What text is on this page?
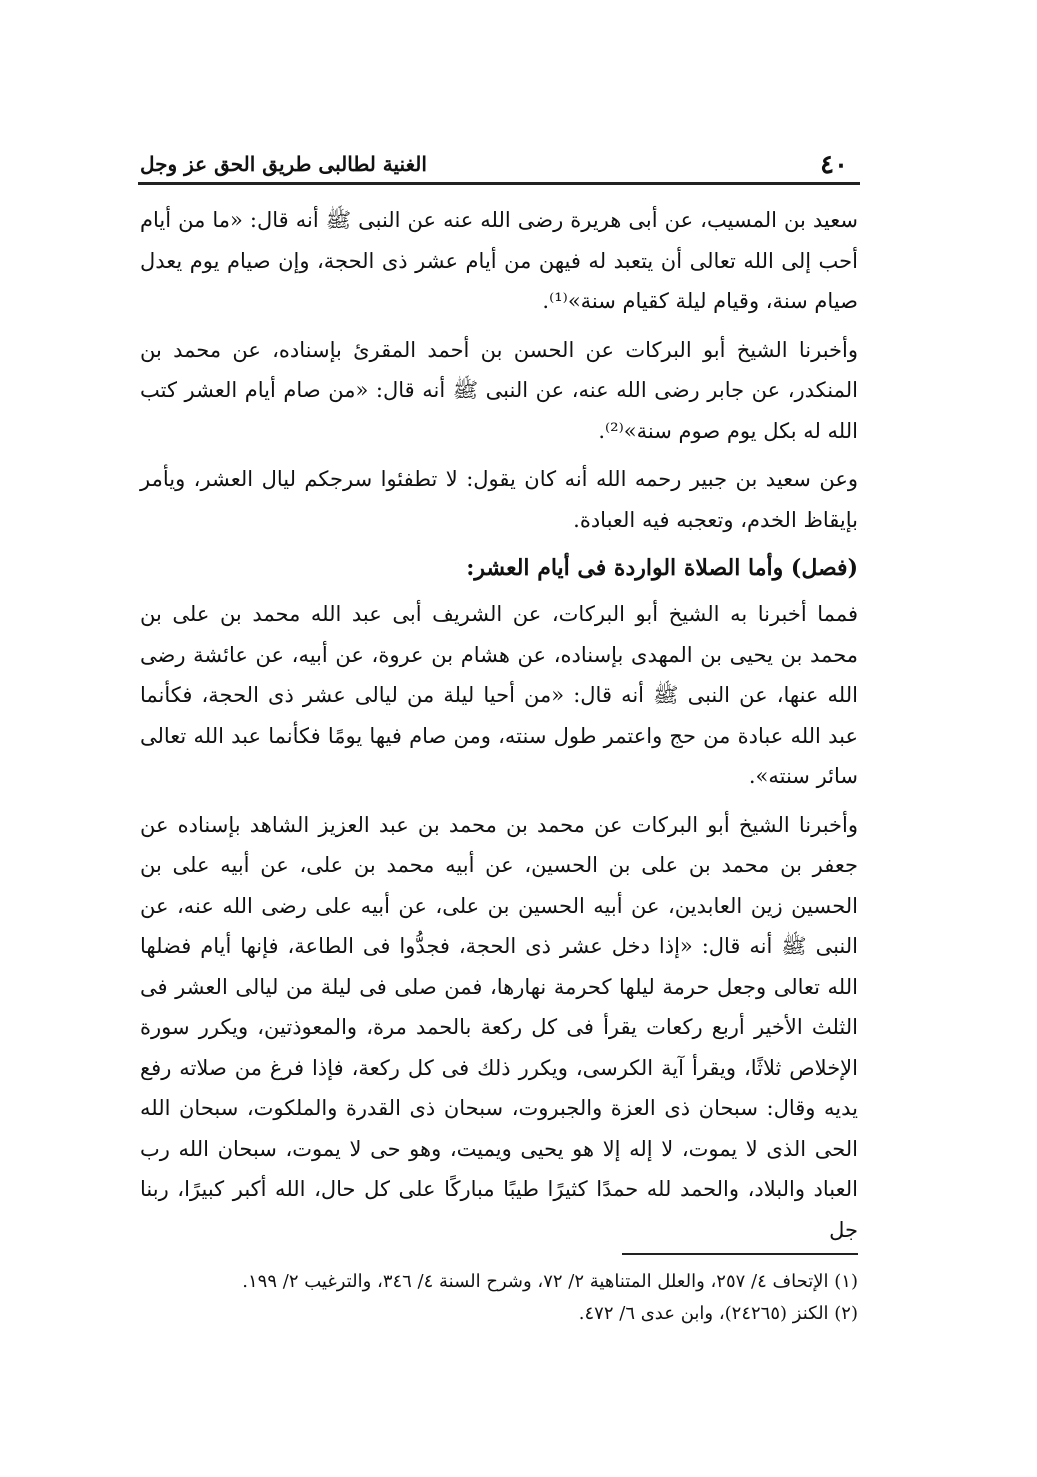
٤٠
الغنية لطالبى طريق الحق عز وجل

سعيد بن المسيب، عن أبى هريرة رضى الله عنه عن النبى ﷺ أنه قال: «ما من أيام أحب إلى الله تعالى أن يتعبد له فيهن من أيام عشر ذى الحجة، وإن صيام يوم يعدل صيام سنة، وقيام ليلة كقيام سنة»⁽¹⁾.

وأخبرنا الشيخ أبو البركات عن الحسن بن أحمد المقرئ بإسناده، عن محمد بن المنكدر، عن جابر رضى الله عنه، عن النبى ﷺ أنه قال: «من صام أيام العشر كتب الله له بكل يوم صوم سنة»⁽²⁾.

وعن سعيد بن جبير رحمه الله أنه كان يقول: لا تطفئوا سرجكم ليال العشر، ويأمر بإيقاظ الخدم، وتعجبه فيه العبادة.

(فصل) وأما الصلاة الواردة فى أيام العشر:

فمما أخبرنا به الشيخ أبو البركات، عن الشريف أبى عبد الله محمد بن على بن محمد بن يحيى بن المهدى بإسناده، عن هشام بن عروة، عن أبيه، عن عائشة رضى الله عنها، عن النبى ﷺ أنه قال: «من أحيا ليلة من ليالى عشر ذى الحجة، فكأنما عبد الله عبادة من حج واعتمر طول سنته، ومن صام فيها يومًا فكأنما عبد الله تعالى سائر سنته».

وأخبرنا الشيخ أبو البركات عن محمد بن محمد بن عبد العزيز الشاهد بإسناده عن جعفر بن محمد بن على بن الحسين، عن أبيه محمد بن على، عن أبيه على بن الحسين زين العابدين، عن أبيه الحسين بن على، عن أبيه على رضى الله عنه، عن النبى ﷺ أنه قال: «إذا دخل عشر ذى الحجة، فجدُّوا فى الطاعة، فإنها أيام فضلها الله تعالى وجعل حرمة ليلها كحرمة نهارها، فمن صلى فى ليلة من ليالى العشر فى الثلث الأخير أربع ركعات يقرأ فى كل ركعة بالحمد مرة، والمعوذتين، ويكرر سورة الإخلاص ثلاثًا، ويقرأ آية الكرسى، ويكرر ذلك فى كل ركعة، فإذا فرغ من صلاته رفع يديه وقال: سبحان ذى العزة والجبروت، سبحان ذى القدرة والملكوت، سبحان الله الحى الذى لا يموت، لا إله إلا هو يحيى ويميت، وهو حى لا يموت، سبحان الله رب العباد والبلاد، والحمد لله حمدًا كثيرًا طيبًا مباركًا على كل حال، الله أكبر كبيرًا، ربنا جل

(١) الإتحاف ٤/ ٢٥٧، والعلل المتناهية ٢/ ٧٢، وشرح السنة ٤/ ٣٤٦، والترغيب ٢/ ١٩٩.
(٢) الكنز (٢٤٢٦٥)، وابن عدى ٦/ ٤٧٢.
